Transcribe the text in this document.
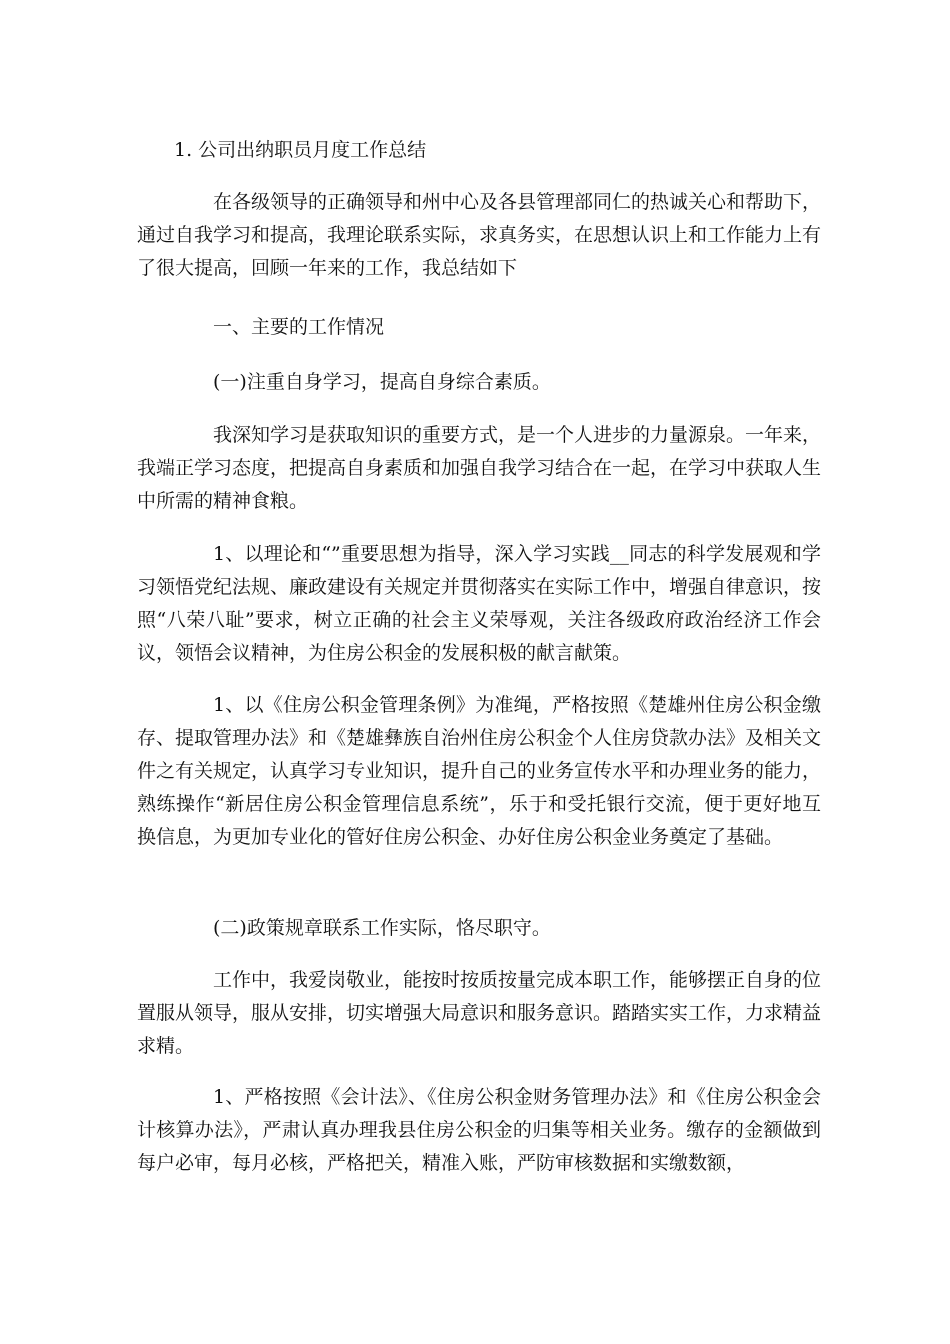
1. 公司出纳职员月度工作总结

在各级领导的正确领导和州中心及各县管理部同仁的热诚关心和帮助下，通过自我学习和提高，我理论联系实际，求真务实，在思想认识上和工作能力上有了很大提高，回顾一年来的工作，我总结如下

一、主要的工作情况
(一)注重自身学习，提高自身综合素质。

我深知学习是获取知识的重要方式，是一个人进步的力量源泉。一年来，我端正学习态度，把提高自身素质和加强自我学习结合在一起，在学习中获取人生中所需的精神食粮。

1、以理论和“”重要思想为指导，深入学习实践__同志的科学发展观和学习领悟党纪法规、廉政建设有关规定并贯彻落实在实际工作中，增强自律意识，按照“八荣八耻”要求，树立正确的社会主义荣辱观，关注各级政府政治经济工作会议，领悟会议精神，为住房公积金的发展积极的献言献策。

1、以《住房公积金管理条例》为准绳，严格按照《楚雄州住房公积金缴存、提取管理办法》和《楚雄彝族自治州住房公积金个人住房贷款办法》及相关文件之有关规定，认真学习专业知识，提升自己的业务宣传水平和办理业务的能力，熟练操作“新居住房公积金管理信息系统”，乐于和受托银行交流，便于更好地互换信息，为更加专业化的管好住房公积金、办好住房公积金业务奠定了基础。

(二)政策规章联系工作实际，恪尽职守。

工作中，我爱岗敬业，能按时按质按量完成本职工作，能够摆正自身的位置服从领导，服从安排，切实增强大局意识和服务意识。踏踏实实工作，力求精益求精。

1、严格按照《会计法》、《住房公积金财务管理办法》和《住房公积金会计核算办法》，严肃认真办理我县住房公积金的归集等相关业务。缴存的金额做到每户必审，每月必核，严格把关，精准入账，严防审核数据和实缴数额，
